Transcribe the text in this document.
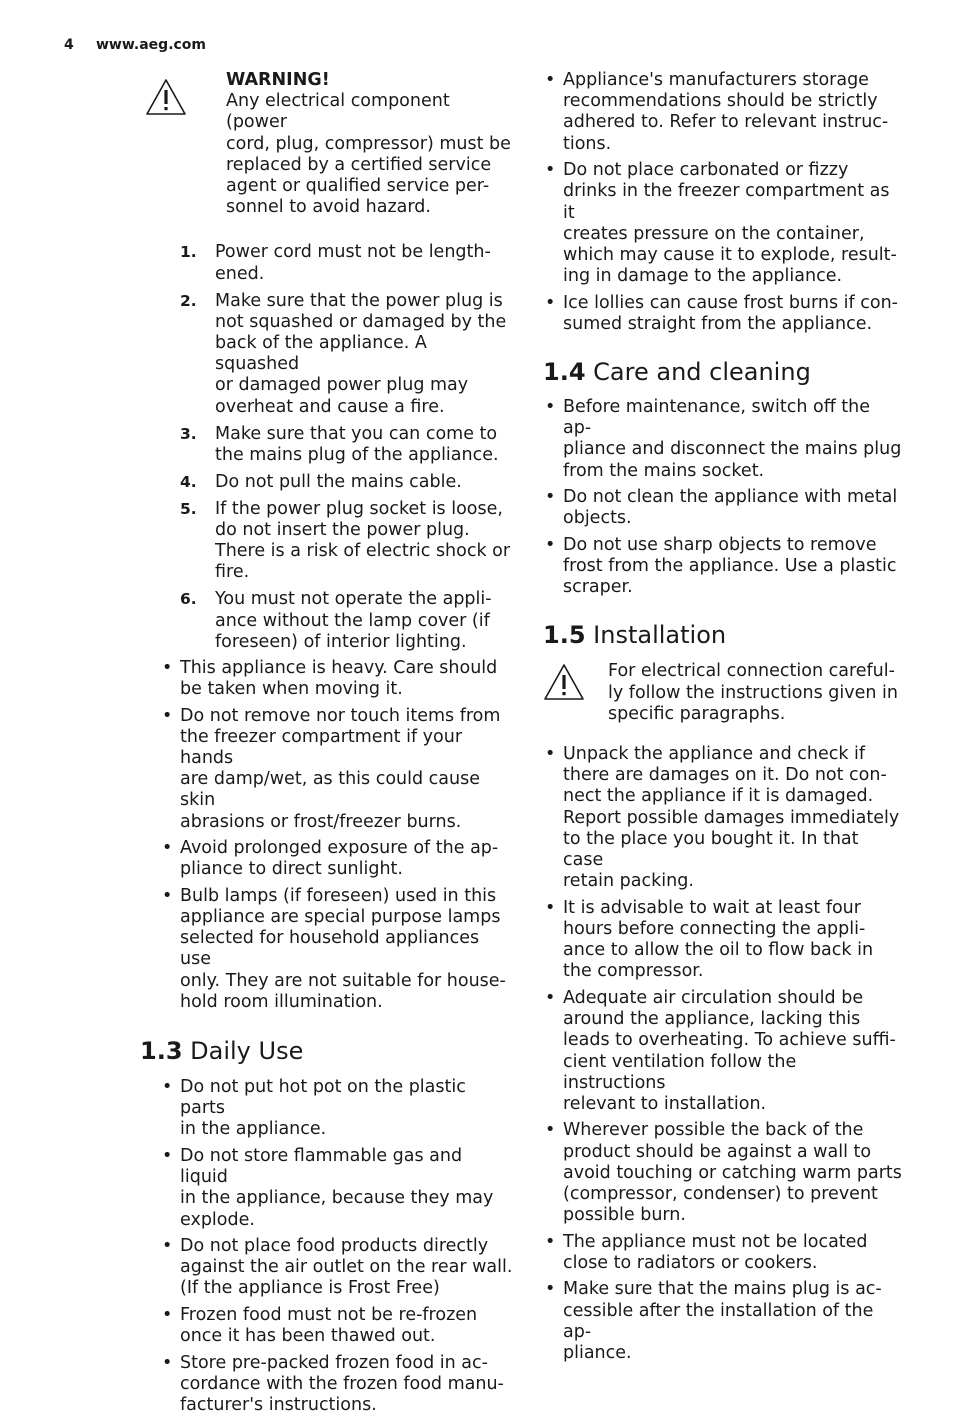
4 www.aeg.com
WARNING!
Any electrical component (power
cord, plug, compressor) must be
replaced by a certified service
agent or qualified service per-
sonnel to avoid hazard.
1. Power cord must not be length-
ened.
2. Make sure that the power plug is
not squashed or damaged by the
back of the appliance. A squashed
or damaged power plug may
overheat and cause a fire.
3. Make sure that you can come to
the mains plug of the appliance.
4. Do not pull the mains cable.
5. If the power plug socket is loose,
do not insert the power plug.
There is a risk of electric shock or
fire.
6. You must not operate the appli-
ance without the lamp cover (if
foreseen) of interior lighting.
• This appliance is heavy. Care should
be taken when moving it.
• Do not remove nor touch items from
the freezer compartment if your hands
are damp/wet, as this could cause skin
abrasions or frost/freezer burns.
• Avoid prolonged exposure of the ap-
pliance to direct sunlight.
• Bulb lamps (if foreseen) used in this
appliance are special purpose lamps
selected for household appliances use
only. They are not suitable for house-
hold room illumination.
1.3 Daily Use
• Do not put hot pot on the plastic parts
in the appliance.
• Do not store flammable gas and liquid
in the appliance, because they may
explode.
• Do not place food products directly
against the air outlet on the rear wall.
(If the appliance is Frost Free)
• Frozen food must not be re-frozen
once it has been thawed out.
• Store pre-packed frozen food in ac-
cordance with the frozen food manu-
facturer's instructions.
• Appliance's manufacturers storage
recommendations should be strictly
adhered to. Refer to relevant instruc-
tions.
• Do not place carbonated or fizzy
drinks in the freezer compartment as it
creates pressure on the container,
which may cause it to explode, result-
ing in damage to the appliance.
• Ice lollies can cause frost burns if con-
sumed straight from the appliance.
1.4 Care and cleaning
• Before maintenance, switch off the ap-
pliance and disconnect the mains plug
from the mains socket.
• Do not clean the appliance with metal
objects.
• Do not use sharp objects to remove
frost from the appliance. Use a plastic
scraper.
1.5 Installation
For electrical connection careful-
ly follow the instructions given in
specific paragraphs.
• Unpack the appliance and check if
there are damages on it. Do not con-
nect the appliance if it is damaged.
Report possible damages immediately
to the place you bought it. In that case
retain packing.
• It is advisable to wait at least four
hours before connecting the appli-
ance to allow the oil to flow back in
the compressor.
• Adequate air circulation should be
around the appliance, lacking this
leads to overheating. To achieve suffi-
cient ventilation follow the instructions
relevant to installation.
• Wherever possible the back of the
product should be against a wall to
avoid touching or catching warm parts
(compressor, condenser) to prevent
possible burn.
• The appliance must not be located
close to radiators or cookers.
• Make sure that the mains plug is ac-
cessible after the installation of the ap-
pliance.
